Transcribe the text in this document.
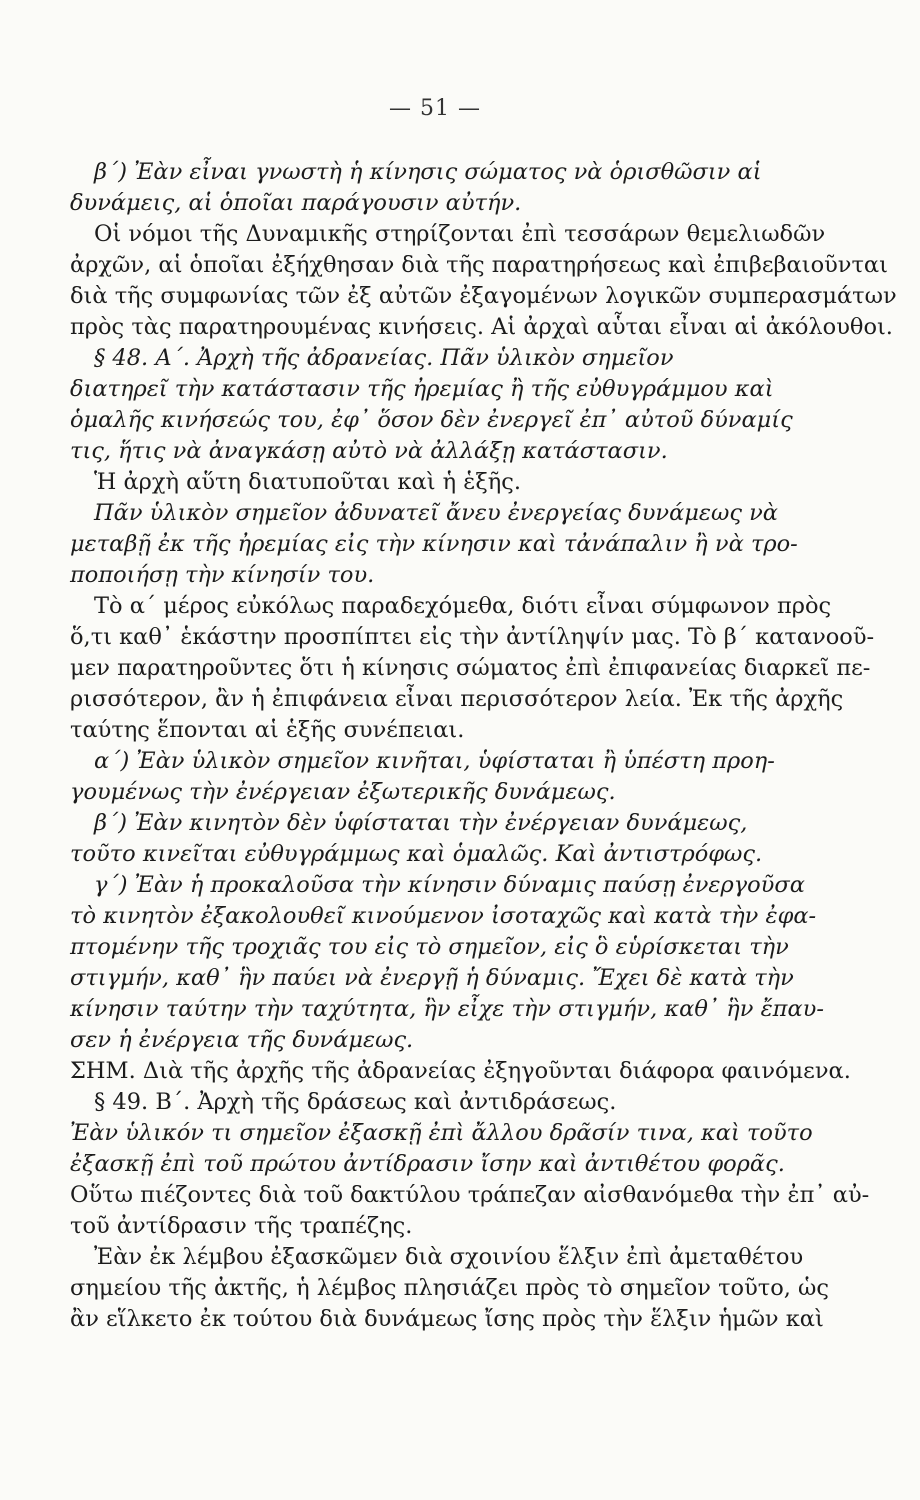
— 51 —
β΄) Ἐὰν εἶναι γνωστὴ ἡ κίνησις σώματος νὰ ὁρισθῶσιν αἱ
δυνάμεις, αἱ ὁποῖαι παράγουσιν αὐτήν.
Οἱ νόμοι τῆς Δυναμικῆς στηρίζονται ἐπὶ τεσσάρων θεμελιωδῶν
ἀρχῶν, αἱ ὁποῖαι ἐξήχθησαν διὰ τῆς παρατηρήσεως καὶ ἐπιβεβαιοῦνται
διὰ τῆς συμφωνίας τῶν ἐξ αὐτῶν ἐξαγομένων λογικῶν συμπερασμάτων
πρὸς τὰς παρατηρουμένας κινήσεις. Αἱ ἀρχαὶ αὗται εἶναι αἱ ἀκόλουθοι.
§ 48. Α΄. Ἀρχὴ τῆς ἀδρανείας. Πᾶν ὑλικὸν σημεῖον
διατηρεῖ τὴν κατάστασιν τῆς ἠρεμίας ἢ τῆς εὐθυγράμμου καὶ
ὁμαλῆς κινήσεώς του, ἐφ᾽ ὅσον δὲν ἐνεργεῖ ἐπ᾽ αὐτοῦ δύναμίς
τις, ἥτις νὰ ἀναγκάσῃ αὐτὸ νὰ ἀλλάξῃ κατάστασιν.
Ἡ ἀρχὴ αὕτη διατυποῦται καὶ ἡ ἑξῆς.
Πᾶν ὑλικὸν σημεῖον ἀδυνατεῖ ἄνευ ἐνεργείας δυνάμεως νὰ
μεταβῇ ἐκ τῆς ἠρεμίας εἰς τὴν κίνησιν καὶ τἀνάπαλιν ἢ νὰ τρο-
ποποιήσῃ τὴν κίνησίν του.
Τὸ α΄ μέρος εὐκόλως παραδεχόμεθα, διότι εἶναι σύμφωνον πρὸς
ὅ,τι καθ᾽ ἑκάστην προσπίπτει εἰς τὴν ἀντίληψίν μας. Τὸ β΄ κατανοοῦ-
μεν παρατηροῦντες ὅτι ἡ κίνησις σώματος ἐπὶ ἐπιφανείας διαρκεῖ πε-
ρισσότερον, ἂν ἡ ἐπιφάνεια εἶναι περισσότερον λεία. Ἐκ τῆς ἀρχῆς
ταύτης ἕπονται αἱ ἑξῆς συνέπειαι.
α΄) Ἐὰν ὑλικὸν σημεῖον κινῆται, ὑφίσταται ἢ ὑπέστη προη-
γουμένως τὴν ἐνέργειαν ἐξωτερικῆς δυνάμεως.
β΄) Ἐὰν κινητὸν δὲν ὑφίσταται τὴν ἐνέργειαν δυνάμεως,
τοῦτο κινεῖται εὐθυγράμμως καὶ ὁμαλῶς. Καὶ ἀντιστρόφως.
γ΄) Ἐὰν ἡ προκαλοῦσα τὴν κίνησιν δύναμις παύσῃ ἐνεργοῦσα
τὸ κινητὸν ἐξακολουθεῖ κινούμενον ἰσοταχῶς καὶ κατὰ τὴν ἐφα-
πτομένην τῆς τροχιᾶς του εἰς τὸ σημεῖον, εἰς ὃ εὑρίσκεται τὴν
στιγμήν, καθ᾽ ἣν παύει νὰ ἐνεργῇ ἡ δύναμις. Ἔχει δὲ κατὰ τὴν
κίνησιν ταύτην τὴν ταχύτητα, ἣν εἶχε τὴν στιγμήν, καθ᾽ ἣν ἔπαυ-
σεν ἡ ἐνέργεια τῆς δυνάμεως.
ΣΗΜ. Διὰ τῆς ἀρχῆς τῆς ἀδρανείας ἐξηγοῦνται διάφορα φαινόμενα.
§ 49. Β΄. Ἀρχὴ τῆς δράσεως καὶ ἀντιδράσεως.
Ἐὰν ὑλικόν τι σημεῖον ἐξασκῇ ἐπὶ ἄλλου δρᾶσίν τινα, καὶ τοῦτο
ἐξασκῇ ἐπὶ τοῦ πρώτου ἀντίδρασιν ἴσην καὶ ἀντιθέτου φορᾶς.
Οὕτω πιέζοντες διὰ τοῦ δακτύλου τράπεζαν αἰσθανόμεθα τὴν ἐπ᾽ αὐ-
τοῦ ἀντίδρασιν τῆς τραπέζης.
Ἐὰν ἐκ λέμβου ἐξασκῶμεν διὰ σχοινίου ἕλξιν ἐπὶ ἀμεταθέτου
σημείου τῆς ἀκτῆς, ἡ λέμβος πλησιάζει πρὸς τὸ σημεῖον τοῦτο, ὡς
ἂν εἵλκετο ἐκ τούτου διὰ δυνάμεως ἴσης πρὸς τὴν ἕλξιν ἡμῶν καὶ
